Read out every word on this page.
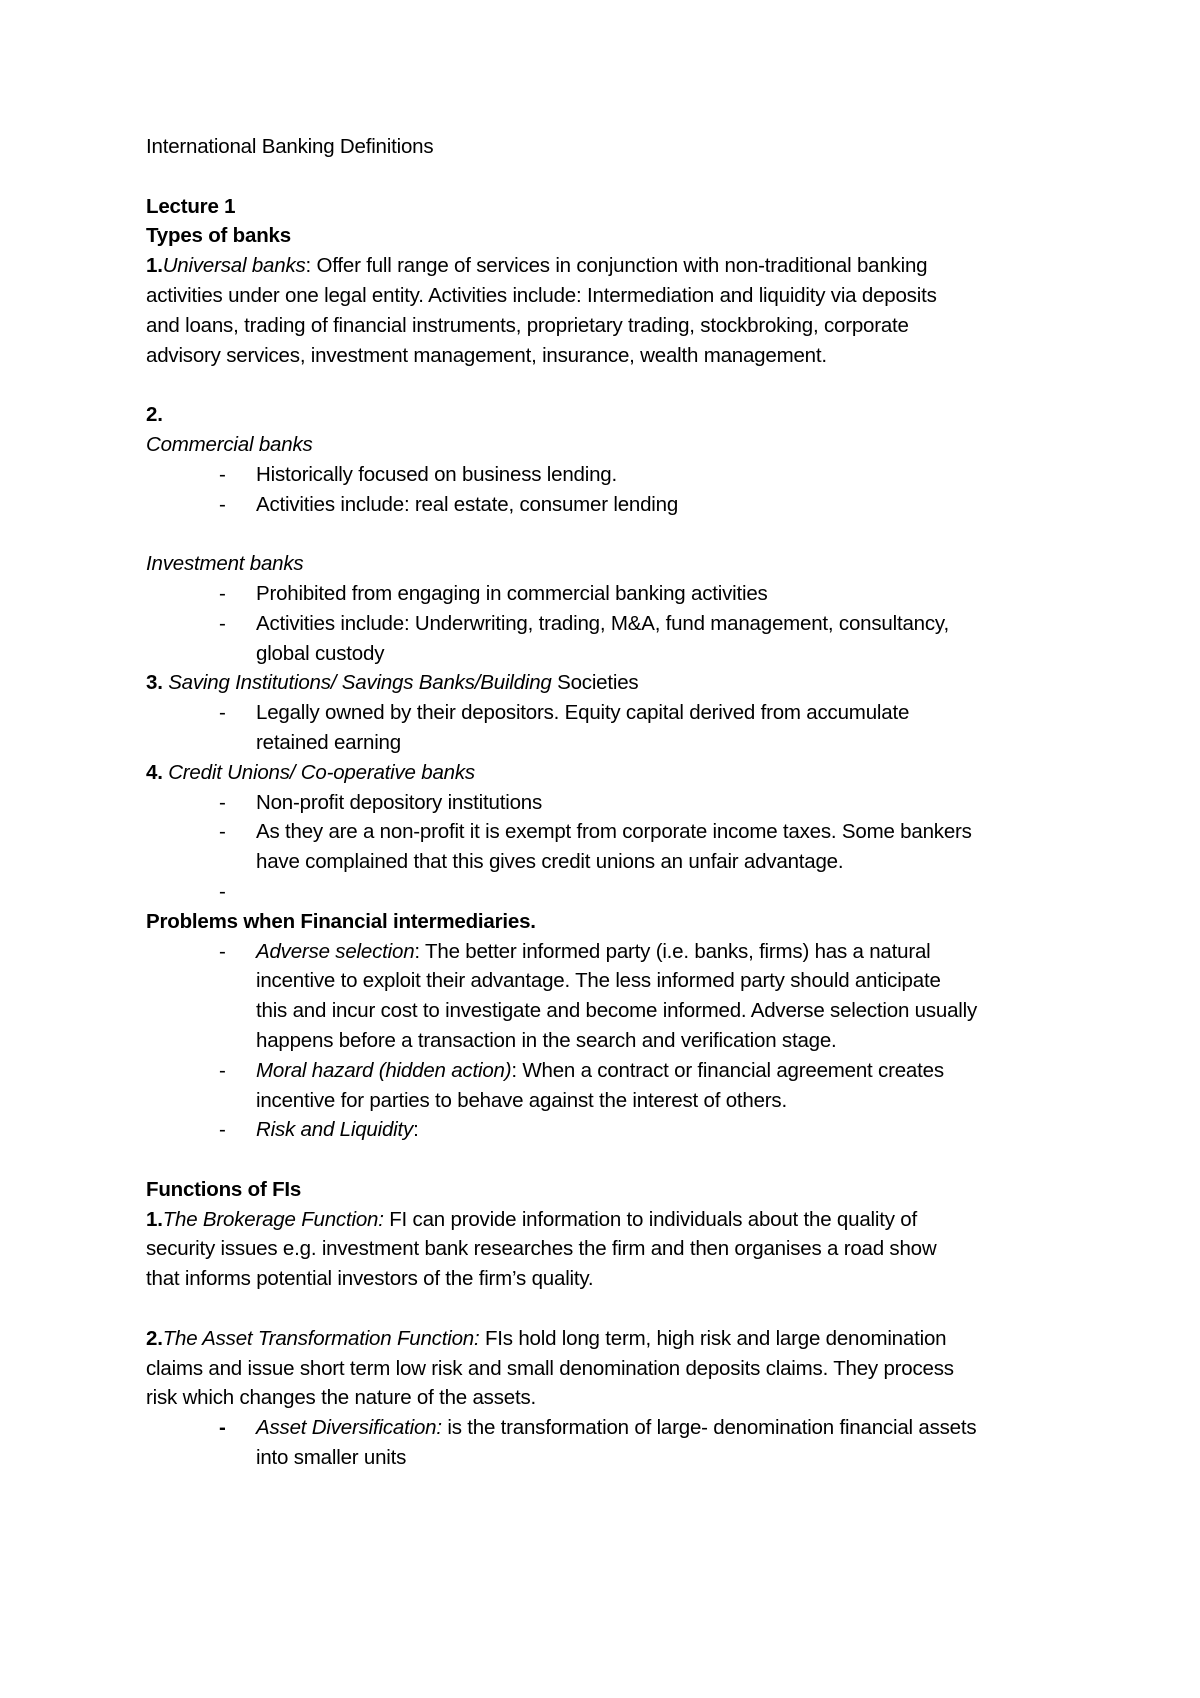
International Banking Definitions
Lecture 1
Types of banks
1.Universal banks: Offer full range of services in conjunction with non-traditional banking
activities under one legal entity. Activities include: Intermediation and liquidity via deposits
and loans, trading of financial instruments, proprietary trading, stockbroking, corporate
advisory services, investment management, insurance, wealth management.
2.
Commercial banks
- Historically focused on business lending.
- Activities include: real estate, consumer lending
Investment banks
- Prohibited from engaging in commercial banking activities
- Activities include: Underwriting, trading, M&A, fund management, consultancy,
global custody
3. Saving Institutions/ Savings Banks/Building Societies
- Legally owned by their depositors. Equity capital derived from accumulate
retained earning
4. Credit Unions/ Co-operative banks
- Non-profit depository institutions
- As they are a non-profit it is exempt from corporate income taxes. Some bankers
have complained that this gives credit unions an unfair advantage.
-

Problems when Financial intermediaries.
- Adverse selection: The better informed party (i.e. banks, firms) has a natural
incentive to exploit their advantage. The less informed party should anticipate
this and incur cost to investigate and become informed. Adverse selection usually
happens before a transaction in the search and verification stage.
- Moral hazard (hidden action): When a contract or financial agreement creates
incentive for parties to behave against the interest of others.
- Risk and Liquidity:
Functions of FIs
1.The Brokerage Function: FI can provide information to individuals about the quality of
security issues e.g. investment bank researches the firm and then organises a road show
that informs potential investors of the firm’s quality.
2.The Asset Transformation Function: FIs hold long term, high risk and large denomination
claims and issue short term low risk and small denomination deposits claims. They process
risk which changes the nature of the assets.
- Asset Diversification: is the transformation of large- denomination financial assets
into smaller units
